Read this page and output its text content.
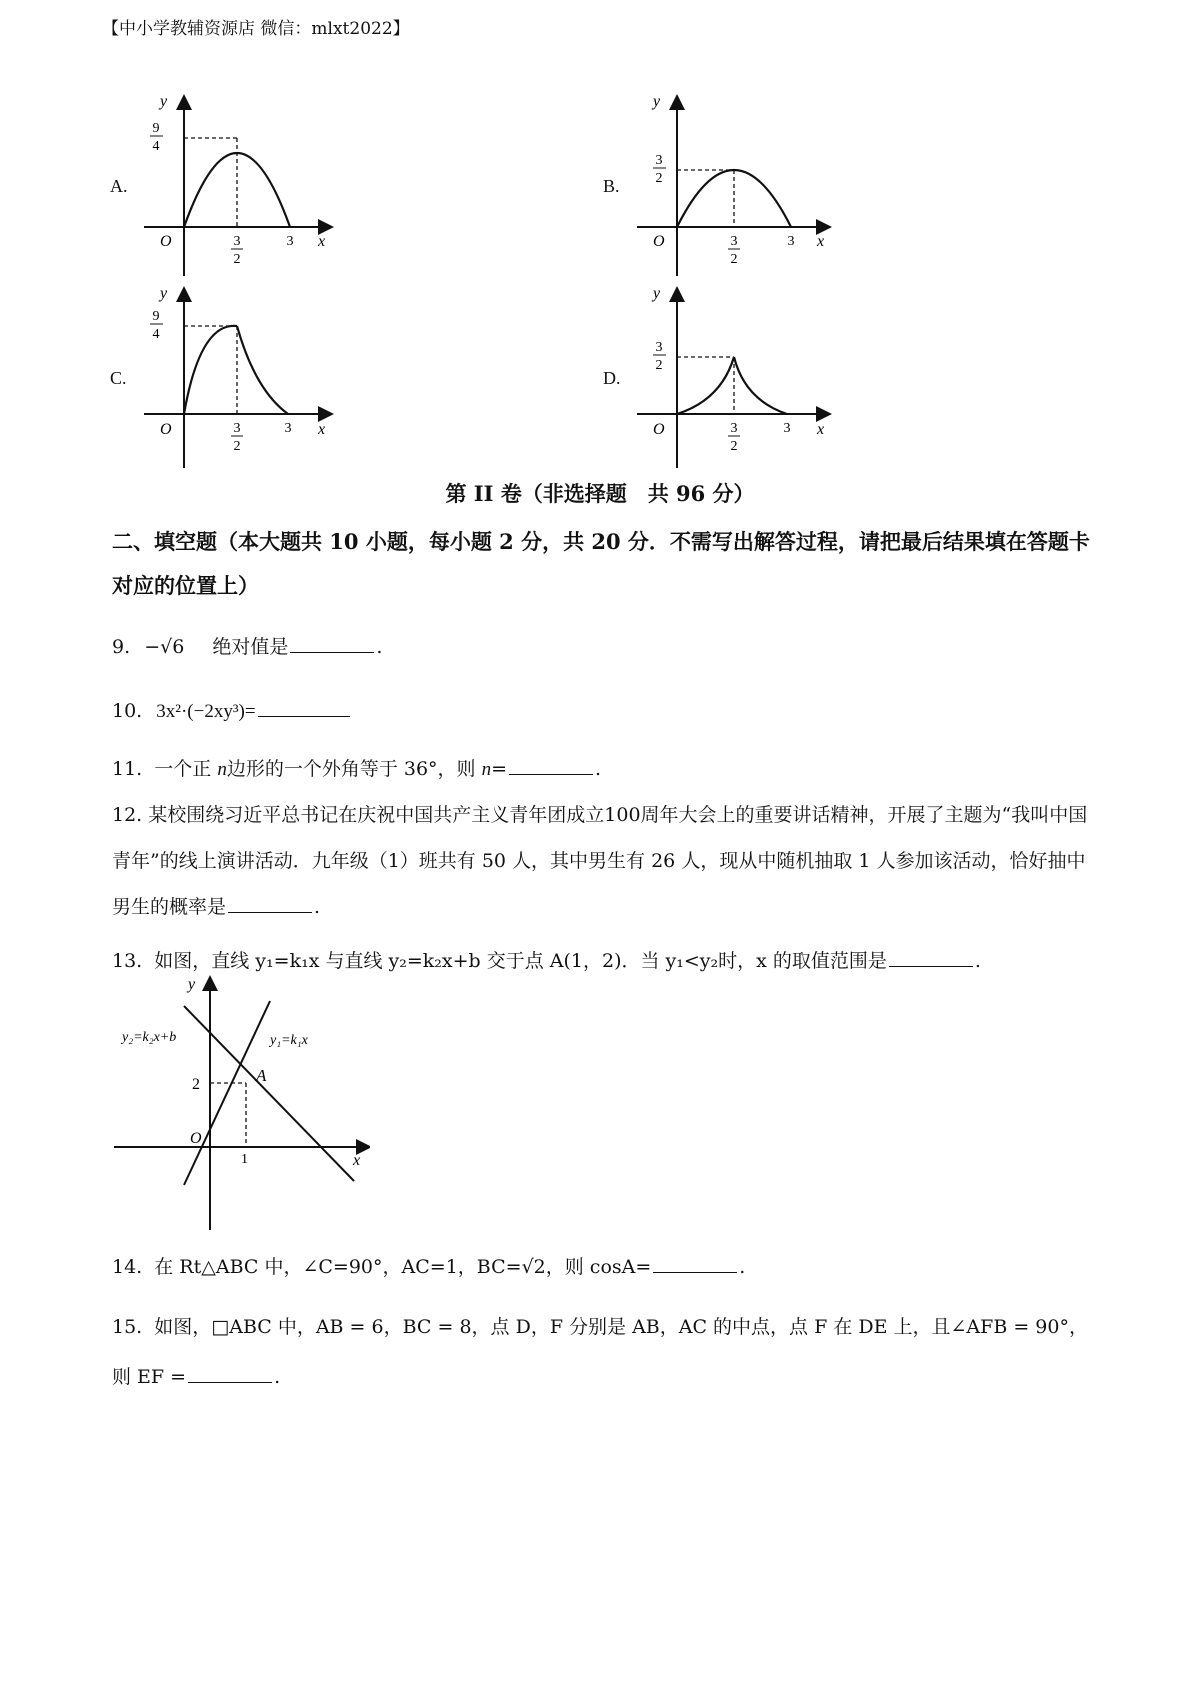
【中小学教辅资源店 微信：mlxt2022】
A.	B.
C.	D.
y
9
4
O	3
2
3 x
y
3
2
O	3
2
3 x
y
9
4
O	3
2
3 x
y
3
2
O	3
2
3 x
第 II 卷（非选择题　共 96 分）
二、填空题（本大题共 10 小题，每小题 2 分，共 20 分．不需写出解答过程，请把最后结果填在答题卡对应的位置上）
9. −√6 绝对值是	.
10. 3x²·(−2xy³)=
11. 一个正 n边形的一个外角等于 36°，则 n=	.
12. 某校围绕习近平总书记在庆祝中国共产主义青年团成立100周年大会上的重要讲话精神，开展了主题为“我叫中国青年”的线上演讲活动．九年级（1）班共有 50 人，其中男生有 26 人，现从中随机抽取 1 人参加该活动，恰好抽中男生的概率是	.
13. 如图，直线 y₁=k₁x 与直线 y₂=k₂x+b 交于点 A(1，2)．当 y₁<y₂时，x 的取值范围是	.
y
x
O
2
1
A
y₁=k₁x
y₂=k₂x+b
14. 在 Rt△ABC 中，∠C=90°，AC=1，BC=√2，则 cosA=	.
15. 如图，□ABC 中，AB = 6，BC = 8，点 D，F 分别是 AB，AC 的中点，点 F 在 DE 上，且∠AFB = 90°，
则 EF =	.
